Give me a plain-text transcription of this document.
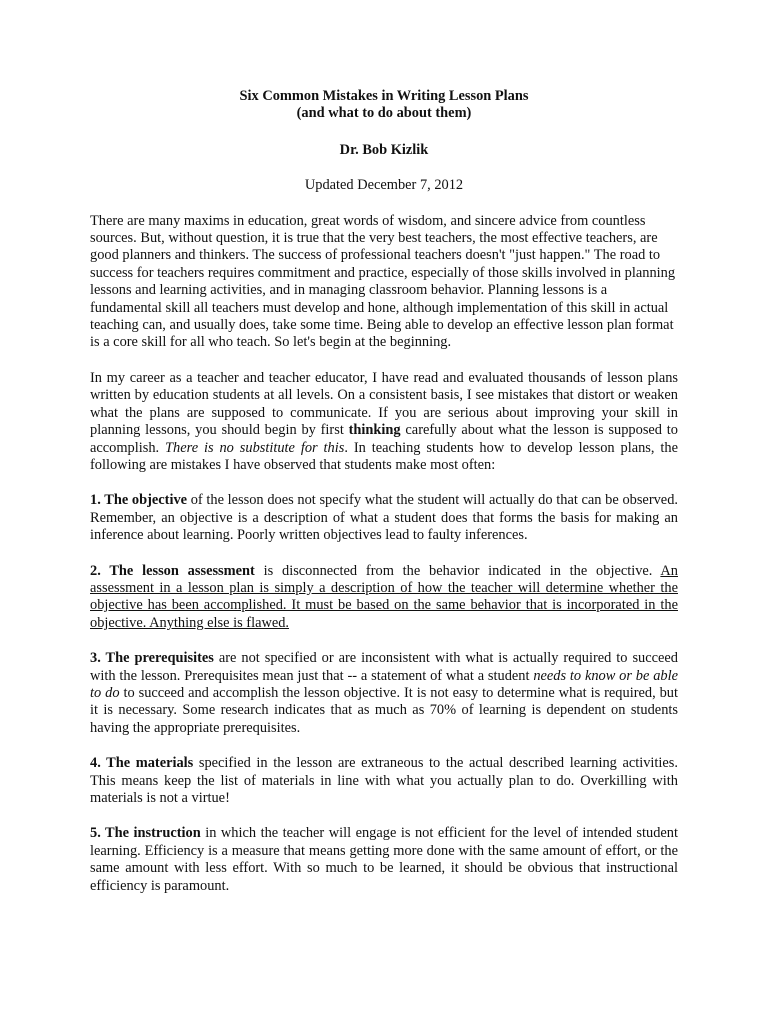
Six Common Mistakes in Writing Lesson Plans
(and what to do about them)
Dr. Bob Kizlik
Updated December 7, 2012

There are many maxims in education, great words of wisdom, and sincere advice from countless sources. But, without question, it is true that the very best teachers, the most effective teachers, are good planners and thinkers. The success of professional teachers doesn't "just happen." The road to success for teachers requires commitment and practice, especially of those skills involved in planning lessons and learning activities, and in managing classroom behavior. Planning lessons is a fundamental skill all teachers must develop and hone, although implementation of this skill in actual teaching can, and usually does, take some time. Being able to develop an effective lesson plan format is a core skill for all who teach. So let's begin at the beginning.

In my career as a teacher and teacher educator, I have read and evaluated thousands of lesson plans written by education students at all levels. On a consistent basis, I see mistakes that distort or weaken what the plans are supposed to communicate. If you are serious about improving your skill in planning lessons, you should begin by first thinking carefully about what the lesson is supposed to accomplish. There is no substitute for this. In teaching students how to develop lesson plans, the following are mistakes I have observed that students make most often:

1. The objective of the lesson does not specify what the student will actually do that can be observed. Remember, an objective is a description of what a student does that forms the basis for making an inference about learning. Poorly written objectives lead to faulty inferences.

2. The lesson assessment is disconnected from the behavior indicated in the objective. An assessment in a lesson plan is simply a description of how the teacher will determine whether the objective has been accomplished. It must be based on the same behavior that is incorporated in the objective. Anything else is flawed.

3. The prerequisites are not specified or are inconsistent with what is actually required to succeed with the lesson. Prerequisites mean just that -- a statement of what a student needs to know or be able to do to succeed and accomplish the lesson objective. It is not easy to determine what is required, but it is necessary. Some research indicates that as much as 70% of learning is dependent on students having the appropriate prerequisites.

4. The materials specified in the lesson are extraneous to the actual described learning activities. This means keep the list of materials in line with what you actually plan to do. Overkilling with materials is not a virtue!

5. The instruction in which the teacher will engage is not efficient for the level of intended student learning. Efficiency is a measure that means getting more done with the same amount of effort, or the same amount with less effort. With so much to be learned, it should be obvious that instructional efficiency is paramount.
